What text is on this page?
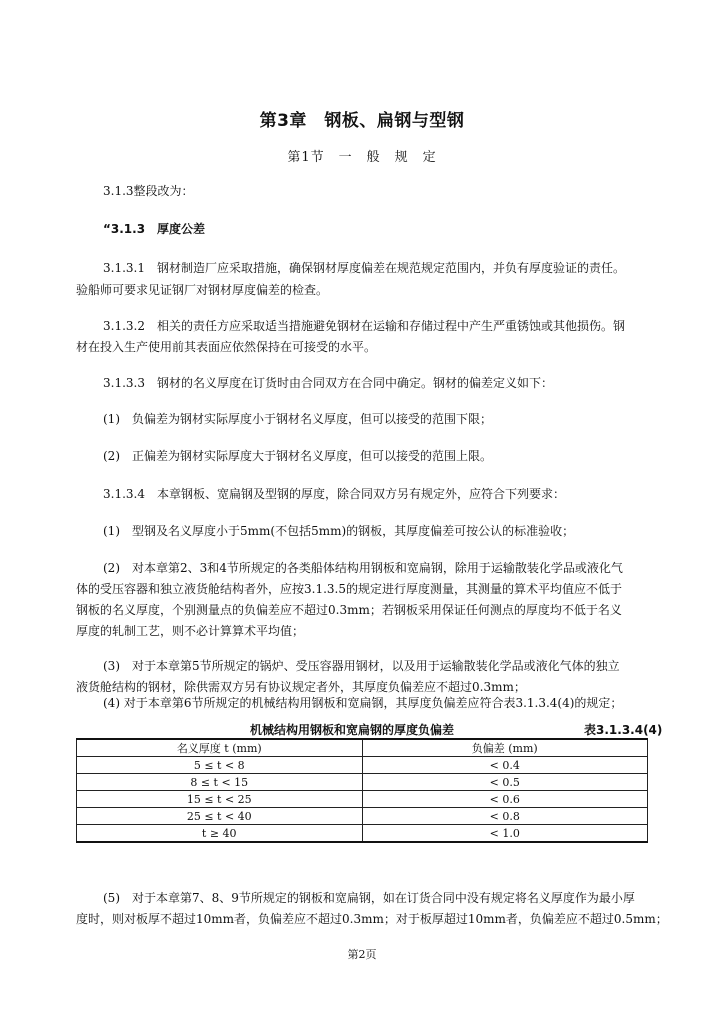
第3章　钢板、扁钢与型钢
第1节　一　般　规　定
3.1.3整段改为：
“3.1.3　厚度公差
3.1.3.1　钢材制造厂应采取措施，确保钢材厚度偏差在规范规定范围内，并负有厚度验证的责任。
验船师可要求见证钢厂对钢材厚度偏差的检查。
3.1.3.2　相关的责任方应采取适当措施避免钢材在运输和存储过程中产生严重锈蚀或其他损伤。钢
材在投入生产使用前其表面应依然保持在可接受的水平。
3.1.3.3　钢材的名义厚度在订货时由合同双方在合同中确定。钢材的偏差定义如下：
(1)　负偏差为钢材实际厚度小于钢材名义厚度，但可以接受的范围下限；
(2)　正偏差为钢材实际厚度大于钢材名义厚度，但可以接受的范围上限。
3.1.3.4　本章钢板、宽扁钢及型钢的厚度，除合同双方另有规定外，应符合下列要求：
(1)　型钢及名义厚度小于5mm(不包括5mm)的钢板，其厚度偏差可按公认的标准验收；
(2)　对本章第2、3和4节所规定的各类船体结构用钢板和宽扁钢，除用于运输散装化学品或液化气
体的受压容器和独立液货舱结构者外，应按3.1.3.5的规定进行厚度测量，其测量的算术平均值应不低于
钢板的名义厚度，个别测量点的负偏差应不超过0.3mm；若钢板采用保证任何测点的厚度均不低于名义
厚度的轧制工艺，则不必计算算术平均值；
(3)　对于本章第5节所规定的锅炉、受压容器用钢材，以及用于运输散装化学品或液化气体的独立
液货舱结构的钢材，除供需双方另有协议规定者外，其厚度负偏差应不超过0.3mm；
(4) 对于本章第6节所规定的机械结构用钢板和宽扁钢，其厚度负偏差应符合表3.1.3.4(4)的规定；
机械结构用钢板和宽扁钢的厚度负偏差	表3.1.3.4(4)
名义厚度 t (mm)	负偏差 (mm)
5 ≤ t < 8	< 0.4
8 ≤ t < 15	< 0.5
15 ≤ t < 25	< 0.6
25 ≤ t < 40	< 0.8
t ≥ 40	< 1.0
(5)　对于本章第7、8、9节所规定的钢板和宽扁钢，如在订货合同中没有规定将名义厚度作为最小厚
度时，则对板厚不超过10mm者，负偏差应不超过0.3mm；对于板厚超过10mm者，负偏差应不超过0.5mm；
第2页
